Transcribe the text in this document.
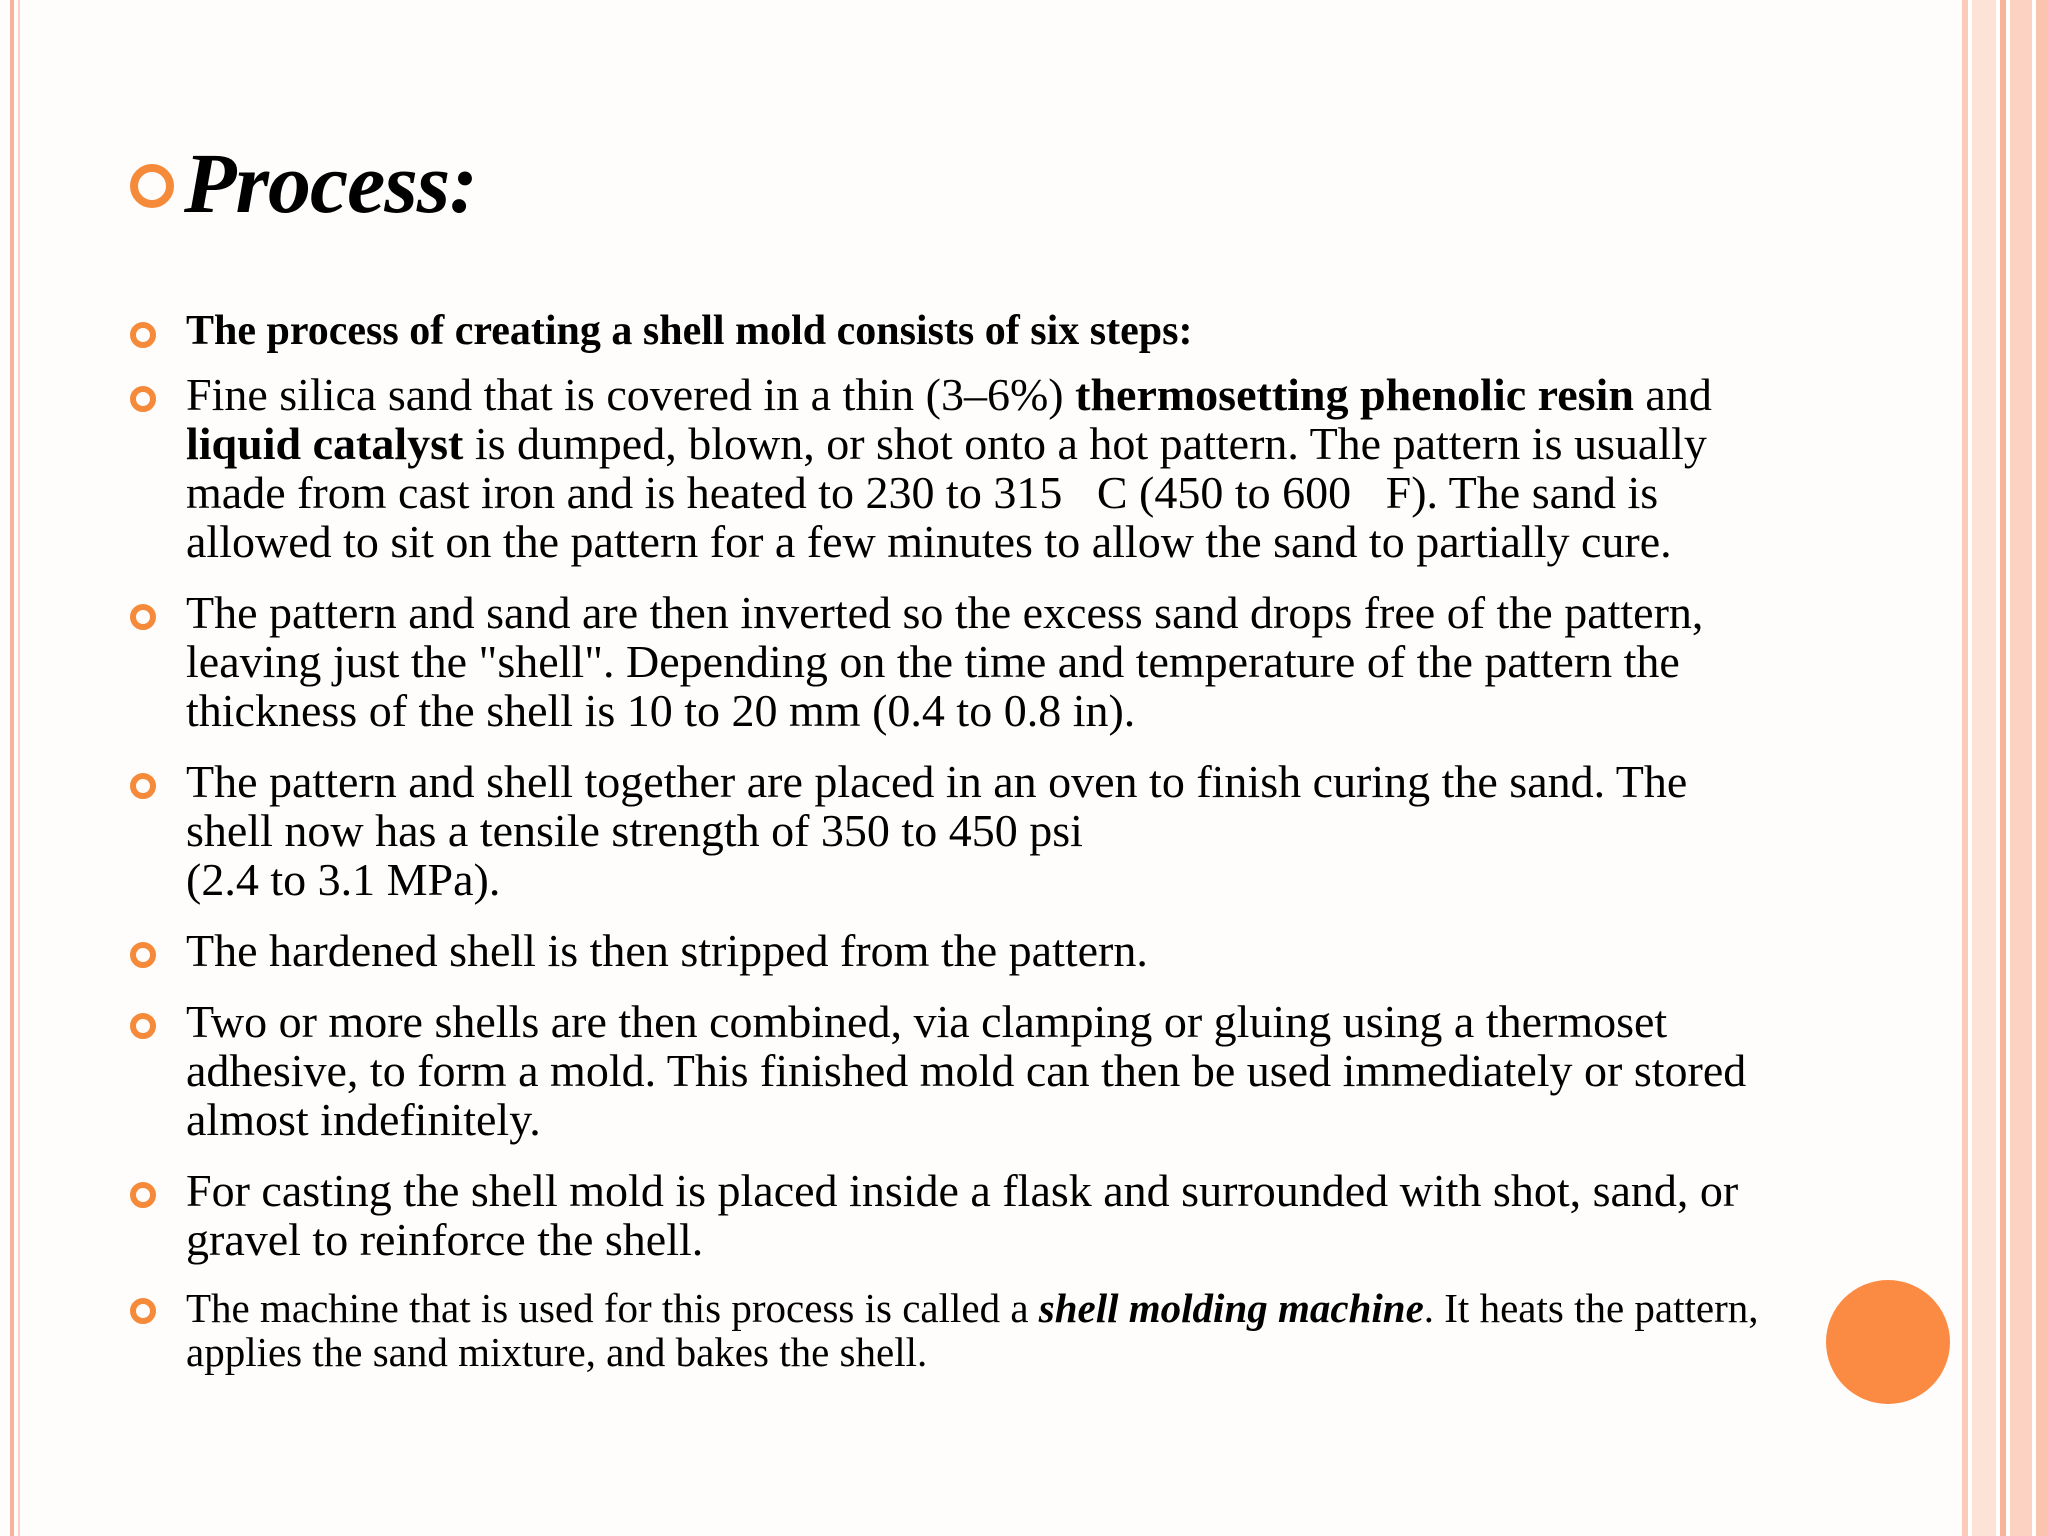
Process:
The process of creating a shell mold consists of six steps:
Fine silica sand that is covered in a thin (3–6%) thermosetting phenolic resin and liquid catalyst is dumped, blown, or shot onto a hot pattern. The pattern is usually made from cast iron and is heated to 230 to 315   C (450 to 600   F). The sand is allowed to sit on the pattern for a few minutes to allow the sand to partially cure.
The pattern and sand are then inverted so the excess sand drops free of the pattern, leaving just the "shell". Depending on the time and temperature of the pattern the thickness of the shell is 10 to 20 mm (0.4 to 0.8 in).
The pattern and shell together are placed in an oven to finish curing the sand. The shell now has a tensile strength of 350 to 450 psi
(2.4 to 3.1 MPa).
The hardened shell is then stripped from the pattern.
Two or more shells are then combined, via clamping or gluing using a thermoset adhesive, to form a mold. This finished mold can then be used immediately or stored almost indefinitely.
For casting the shell mold is placed inside a flask and surrounded with shot, sand, or gravel to reinforce the shell.
The machine that is used for this process is called a shell molding machine. It heats the pattern, applies the sand mixture, and bakes the shell.
